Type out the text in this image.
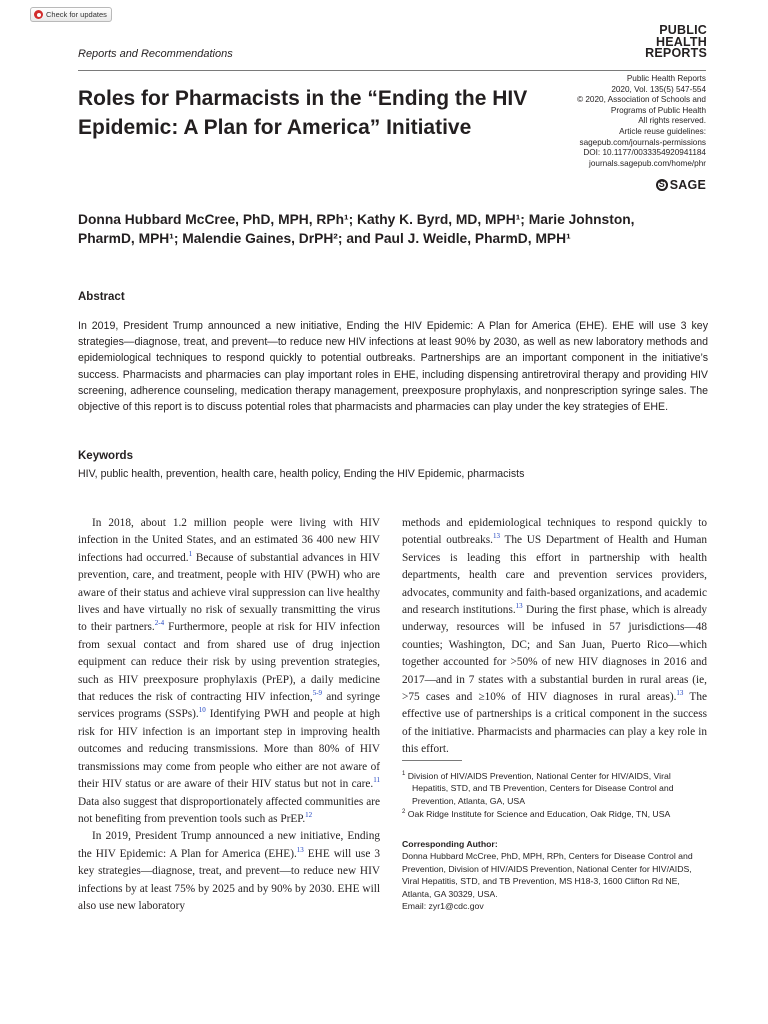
Check for updates
PUBLIC
HEALTH
REPORTS
Reports and Recommendations
Public Health Reports
2020, Vol. 135(5) 547-554
© 2020, Association of Schools and
Programs of Public Health
All rights reserved.
Article reuse guidelines:
sagepub.com/journals-permissions
DOI: 10.1177/0033354920941184
journals.sagepub.com/home/phr
S
SAGE
Roles for Pharmacists in the “Ending the HIV Epidemic: A Plan for America” Initiative
Donna Hubbard McCree, PhD, MPH, RPh¹; Kathy K. Byrd, MD, MPH¹; Marie Johnston,
PharmD, MPH¹; Malendie Gaines, DrPH²; and Paul J. Weidle, PharmD, MPH¹
Abstract
In 2019, President Trump announced a new initiative, Ending the HIV Epidemic: A Plan for America (EHE). EHE will use 3 key strategies—diagnose, treat, and prevent—to reduce new HIV infections at least 90% by 2030, as well as new laboratory methods and epidemiological techniques to respond quickly to potential outbreaks. Partnerships are an important component in the initiative’s success. Pharmacists and pharmacies can play important roles in EHE, including dispensing antiretroviral therapy and providing HIV screening, adherence counseling, medication therapy management, preexposure prophylaxis, and nonprescription syringe sales. The objective of this report is to discuss potential roles that pharmacists and pharmacies can play under the key strategies of EHE.
Keywords
HIV, public health, prevention, health care, health policy, Ending the HIV Epidemic, pharmacists

In 2018, about 1.2 million people were living with HIV infection in the United States, and an estimated 36 400 new HIV infections had occurred.$^1$ Because of substantial advances in HIV prevention, care, and treatment, people with HIV (PWH) who are aware of their status and achieve viral suppression can live healthy lives and have virtually no risk of sexually transmitting the virus to their partners.$^{2-4}$ Furthermore, people at risk for HIV infection from sexual contact and from shared use of drug injection equipment can reduce their risk by using prevention strategies, such as HIV preexposure prophylaxis (PrEP), a daily medicine that reduces the risk of contracting HIV infection,$^{5-9}$ and syringe services programs (SSPs).$^{10}$ Identifying PWH and people at high risk for HIV infection is an important step in improving health outcomes and reducing transmissions. More than 80% of HIV transmissions may come from people who either are not aware of their HIV status or are aware of their HIV status but not in care.$^{11}$ Data also suggest that disproportionately affected communities are not benefiting from prevention tools such as PrEP.$^{12}$

In 2019, President Trump announced a new initiative, Ending the HIV Epidemic: A Plan for America (EHE).$^{13}$ EHE will use 3 key strategies—diagnose, treat, and prevent—to reduce new HIV infections by at least 75% by 2025 and by 90% by 2030. EHE will also use new laboratory

methods and epidemiological techniques to respond quickly to potential outbreaks.$^{13}$ The US Department of Health and Human Services is leading this effort in partnership with health departments, health care and prevention services providers, advocates, community and faith-based organizations, and academic and research institutions.$^{13}$ During the first phase, which is already underway, resources will be infused in 57 jurisdictions—48 counties; Washington, DC; and San Juan, Puerto Rico—which together accounted for >50% of new HIV diagnoses in 2016 and 2017—and in 7 states with a substantial burden in rural areas (ie, >75 cases and ≥10% of HIV diagnoses in rural areas).$^{13}$ The effective use of partnerships is a critical component in the success of the initiative. Pharmacists and pharmacies can play a key role in this effort.

$^1$ Division of HIV/AIDS Prevention, National Center for HIV/AIDS, Viral Hepatitis, STD, and TB Prevention, Centers for Disease Control and Prevention, Atlanta, GA, USA
$^2$ Oak Ridge Institute for Science and Education, Oak Ridge, TN, USA
Corresponding Author:
Donna Hubbard McCree, PhD, MPH, RPh, Centers for Disease Control and Prevention, Division of HIV/AIDS Prevention, National Center for HIV/AIDS, Viral Hepatitis, STD, and TB Prevention, MS H18-3, 1600 Clifton Rd NE, Atlanta, GA 30329, USA.
Email: zyr1@cdc.gov
